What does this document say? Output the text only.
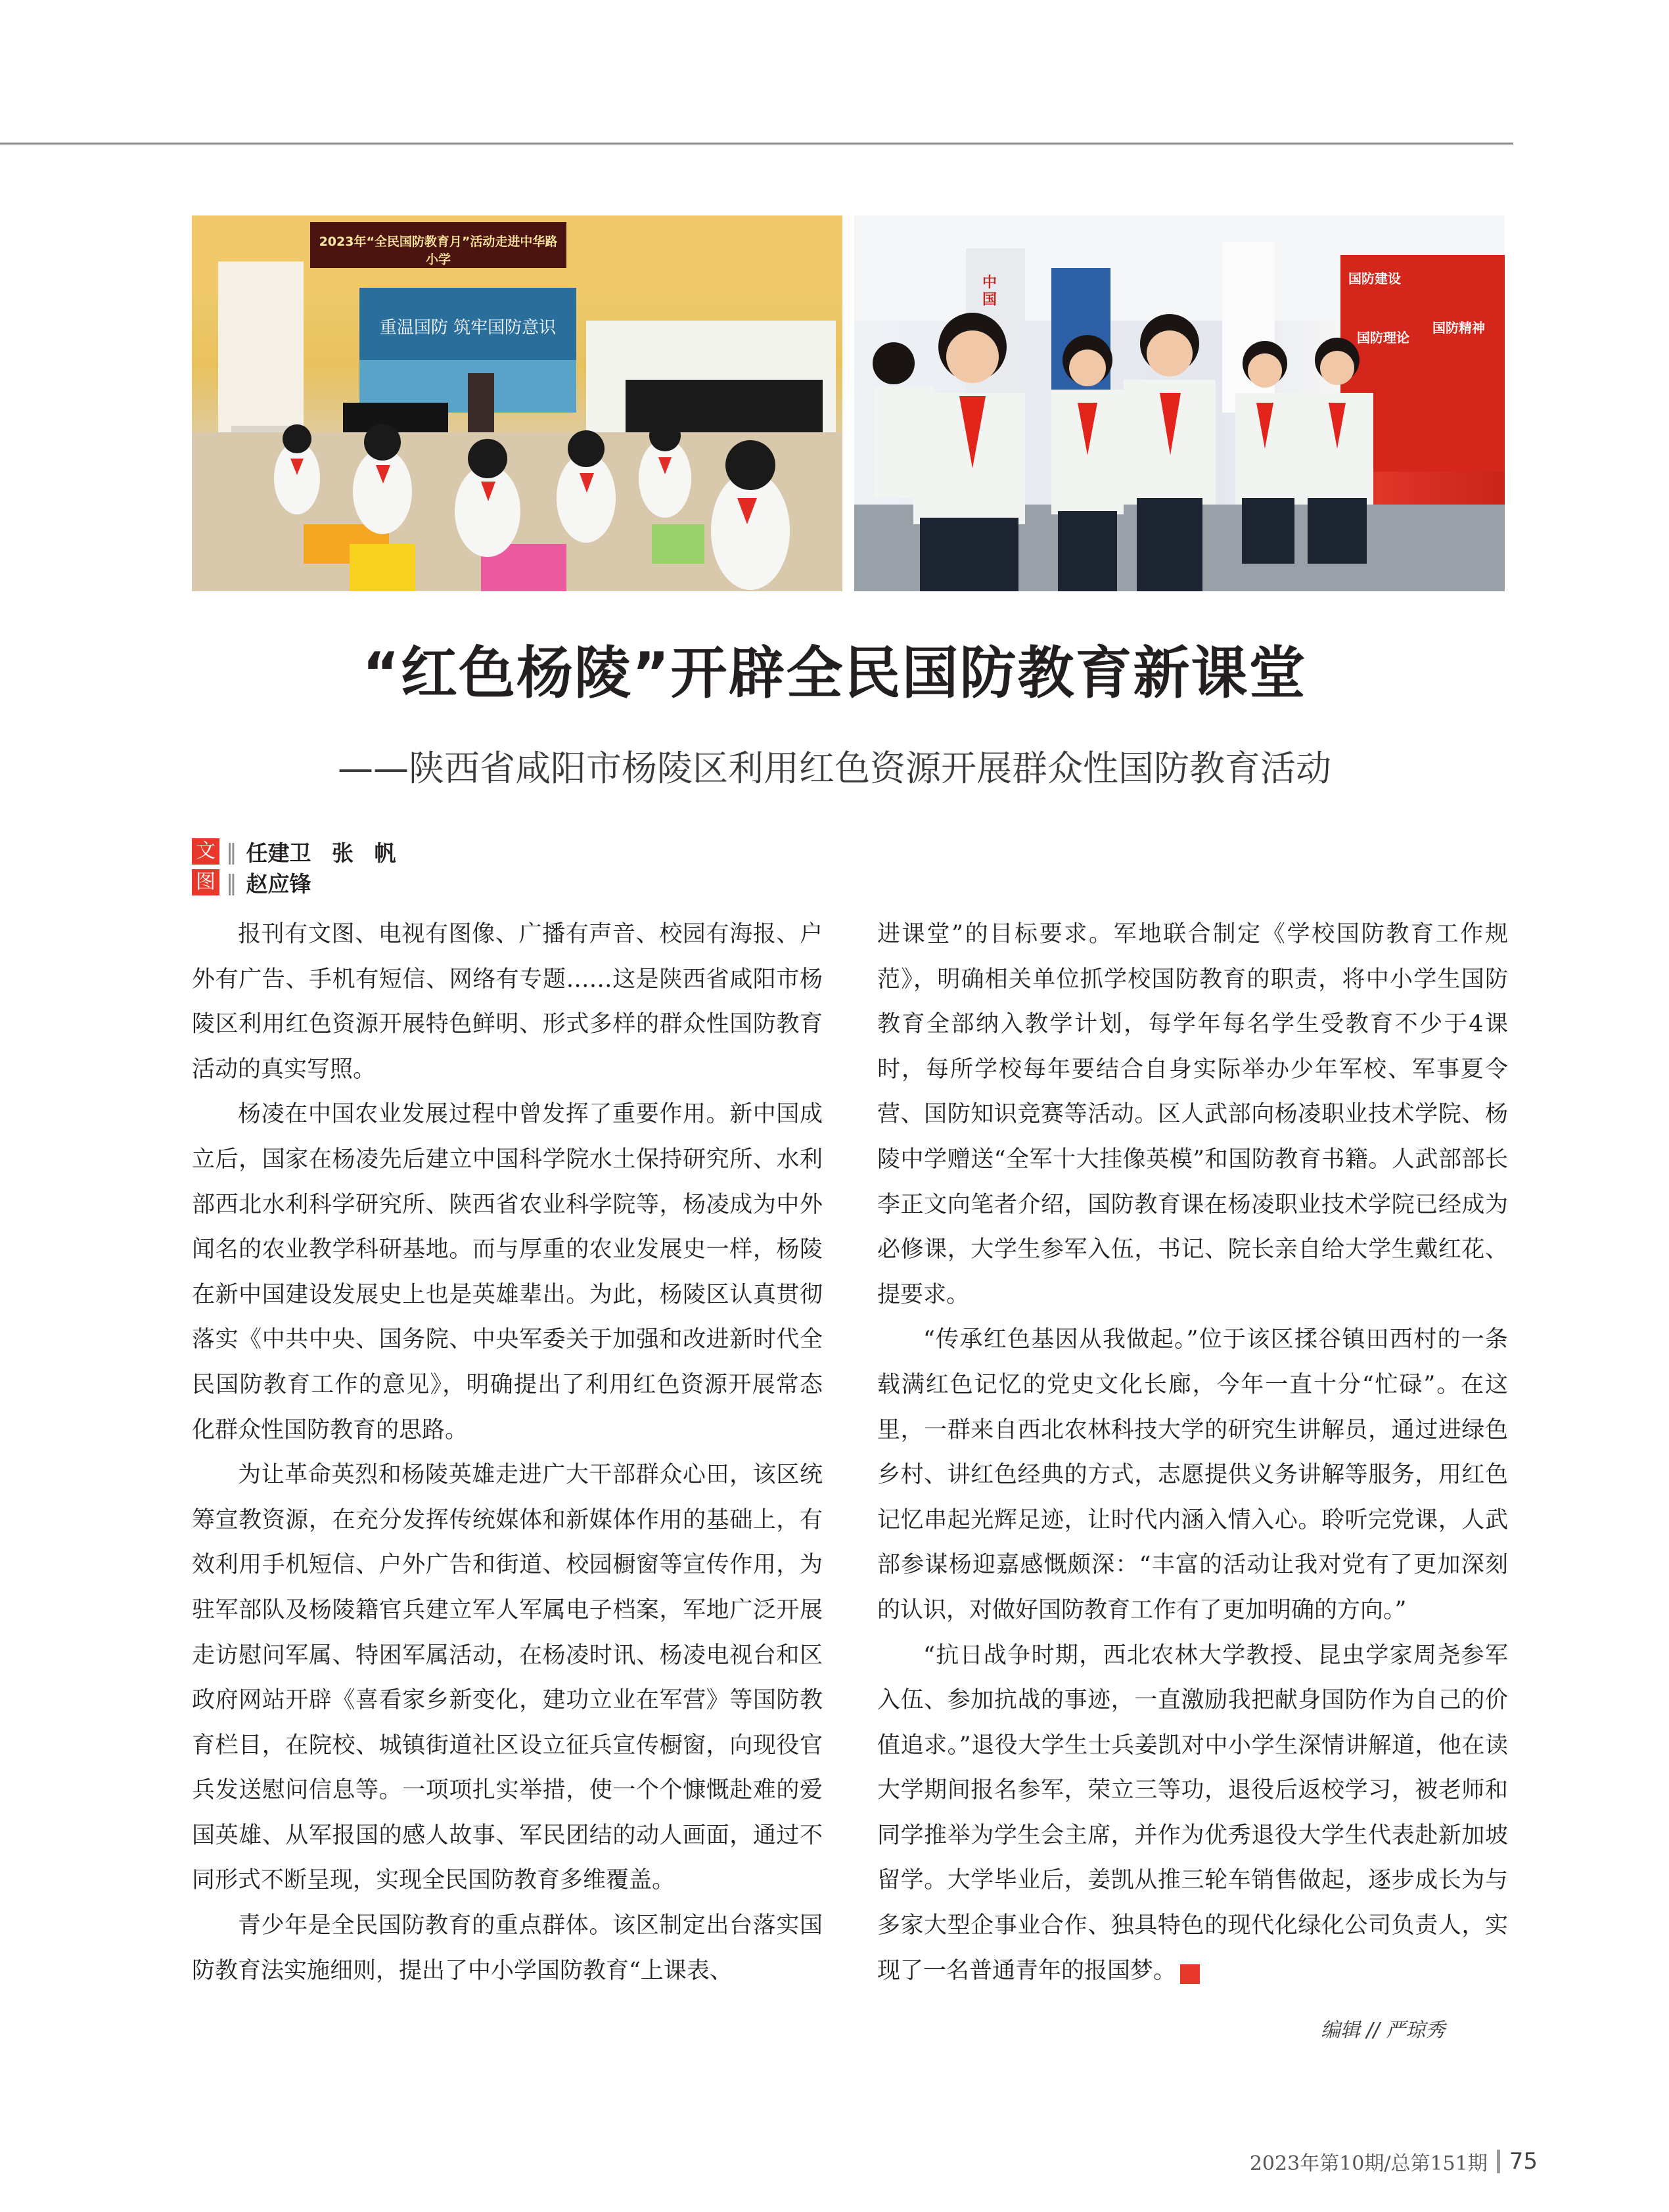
2023年“全民国防教育月”活动走进中华路小学
重温国防 筑牢国防意识
国防建设
国防理论
国防精神
中国
“红色杨陵”开辟全民国防教育新课堂
——陕西省咸阳市杨陵区利用红色资源开展群众性国防教育活动
文 ‖ 任建卫 张 帆
图 ‖ 赵应锋

报刊有文图、电视有图像、广播有声音、校园有海报、户外有广告、手机有短信、网络有专题……这是陕西省咸阳市杨陵区利用红色资源开展特色鲜明、形式多样的群众性国防教育活动的真实写照。

杨凌在中国农业发展过程中曾发挥了重要作用。新中国成立后，国家在杨凌先后建立中国科学院水土保持研究所、水利部西北水利科学研究所、陕西省农业科学院等，杨凌成为中外闻名的农业教学科研基地。而与厚重的农业发展史一样，杨陵在新中国建设发展史上也是英雄辈出。为此，杨陵区认真贯彻落实《中共中央、国务院、中央军委关于加强和改进新时代全民国防教育工作的意见》，明确提出了利用红色资源开展常态化群众性国防教育的思路。

为让革命英烈和杨陵英雄走进广大干部群众心田，该区统筹宣教资源，在充分发挥传统媒体和新媒体作用的基础上，有效利用手机短信、户外广告和街道、校园橱窗等宣传作用，为驻军部队及杨陵籍官兵建立军人军属电子档案，军地广泛开展走访慰问军属、特困军属活动，在杨凌时讯、杨凌电视台和区政府网站开辟《喜看家乡新变化，建功立业在军营》等国防教育栏目，在院校、城镇街道社区设立征兵宣传橱窗，向现役官兵发送慰问信息等。一项项扎实举措，使一个个慷慨赴难的爱国英雄、从军报国的感人故事、军民团结的动人画面，通过不同形式不断呈现，实现全民国防教育多维覆盖。

青少年是全民国防教育的重点群体。该区制定出台落实国防教育法实施细则，提出了中小学国防教育“上课表、

进课堂”的目标要求。军地联合制定《学校国防教育工作规范》，明确相关单位抓学校国防教育的职责，将中小学生国防教育全部纳入教学计划，每学年每名学生受教育不少于4课时，每所学校每年要结合自身实际举办少年军校、军事夏令营、国防知识竞赛等活动。区人武部向杨凌职业技术学院、杨陵中学赠送“全军十大挂像英模”和国防教育书籍。人武部部长李正文向笔者介绍，国防教育课在杨凌职业技术学院已经成为必修课，大学生参军入伍，书记、院长亲自给大学生戴红花、提要求。

“传承红色基因从我做起。”位于该区揉谷镇田西村的一条载满红色记忆的党史文化长廊，今年一直十分“忙碌”。在这里，一群来自西北农林科技大学的研究生讲解员，通过进绿色乡村、讲红色经典的方式，志愿提供义务讲解等服务，用红色记忆串起光辉足迹，让时代内涵入情入心。聆听完党课，人武部参谋杨迎嘉感慨颇深：“丰富的活动让我对党有了更加深刻的认识，对做好国防教育工作有了更加明确的方向。”

“抗日战争时期，西北农林大学教授、昆虫学家周尧参军入伍、参加抗战的事迹，一直激励我把献身国防作为自己的价值追求。”退役大学生士兵姜凯对中小学生深情讲解道，他在读大学期间报名参军，荣立三等功，退役后返校学习，被老师和同学推举为学生会主席，并作为优秀退役大学生代表赴新加坡留学。大学毕业后，姜凯从推三轮车销售做起，逐步成长为与多家大型企事业合作、独具特色的现代化绿化公司负责人，实现了一名普通青年的报国梦。	G

编辑 // 严琼秀
2023年第10期/总第151期 75
